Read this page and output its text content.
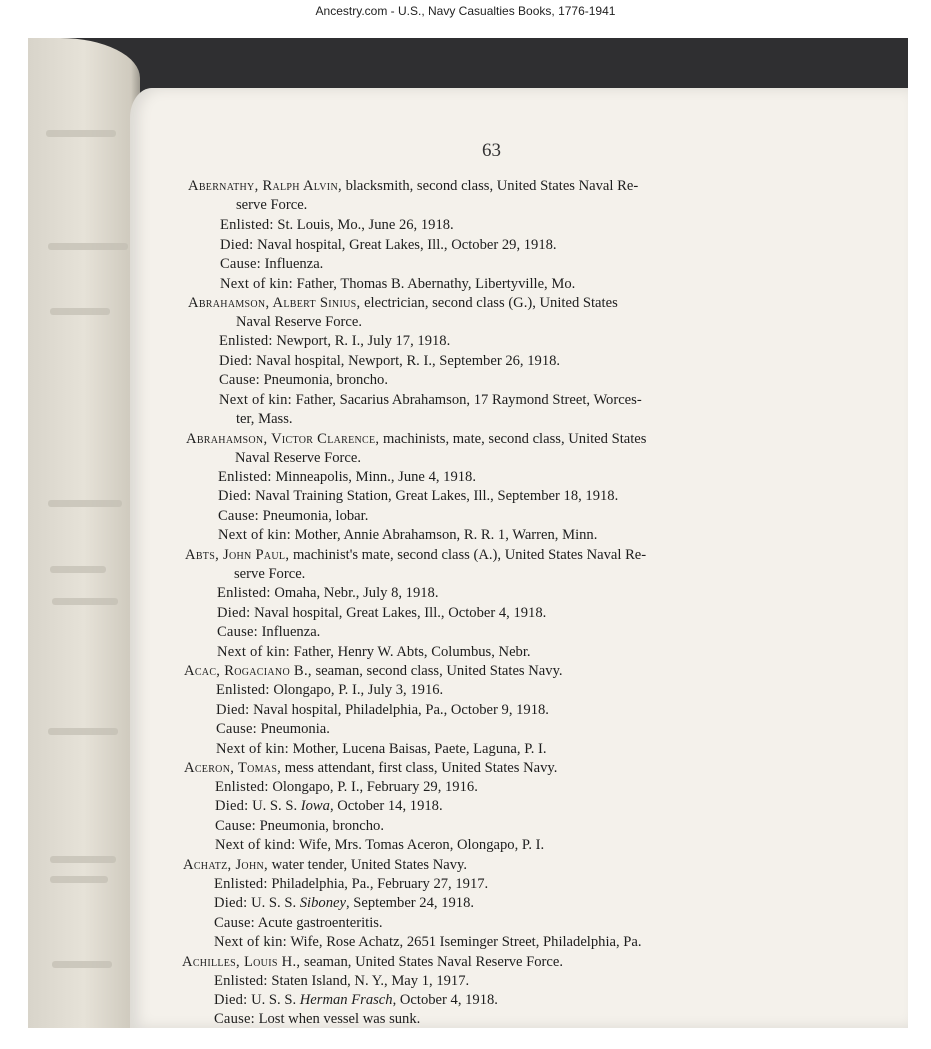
Ancestry.com - U.S., Navy Casualties Books, 1776-1941
63
Abernathy, Ralph Alvin, blacksmith, second class, United States Naval Re-
serve Force.
Enlisted: St. Louis, Mo., June 26, 1918.
Died: Naval hospital, Great Lakes, Ill., October 29, 1918.
Cause: Influenza.
Next of kin: Father, Thomas B. Abernathy, Libertyville, Mo.
Abrahamson, Albert Sinius, electrician, second class (G.), United States
Naval Reserve Force.
Enlisted: Newport, R. I., July 17, 1918.
Died: Naval hospital, Newport, R. I., September 26, 1918.
Cause: Pneumonia, broncho.
Next of kin: Father, Sacarius Abrahamson, 17 Raymond Street, Worces-
ter, Mass.
Abrahamson, Victor Clarence, machinists, mate, second class, United States
Naval Reserve Force.
Enlisted: Minneapolis, Minn., June 4, 1918.
Died: Naval Training Station, Great Lakes, Ill., September 18, 1918.
Cause: Pneumonia, lobar.
Next of kin: Mother, Annie Abrahamson, R. R. 1, Warren, Minn.
Abts, John Paul, machinist's mate, second class (A.), United States Naval Re-
serve Force.
Enlisted: Omaha, Nebr., July 8, 1918.
Died: Naval hospital, Great Lakes, Ill., October 4, 1918.
Cause: Influenza.
Next of kin: Father, Henry W. Abts, Columbus, Nebr.
Acac, Rogaciano B., seaman, second class, United States Navy.
Enlisted: Olongapo, P. I., July 3, 1916.
Died: Naval hospital, Philadelphia, Pa., October 9, 1918.
Cause: Pneumonia.
Next of kin: Mother, Lucena Baisas, Paete, Laguna, P. I.
Aceron, Tomas, mess attendant, first class, United States Navy.
Enlisted: Olongapo, P. I., February 29, 1916.
Died: U. S. S. Iowa, October 14, 1918.
Cause: Pneumonia, broncho.
Next of kind: Wife, Mrs. Tomas Aceron, Olongapo, P. I.
Achatz, John, water tender, United States Navy.
Enlisted: Philadelphia, Pa., February 27, 1917.
Died: U. S. S. Siboney, September 24, 1918.
Cause: Acute gastroenteritis.
Next of kin: Wife, Rose Achatz, 2651 Iseminger Street, Philadelphia, Pa.
Achilles, Louis H., seaman, United States Naval Reserve Force.
Enlisted: Staten Island, N. Y., May 1, 1917.
Died: U. S. S. Herman Frasch, October 4, 1918.
Cause: Lost when vessel was sunk.
